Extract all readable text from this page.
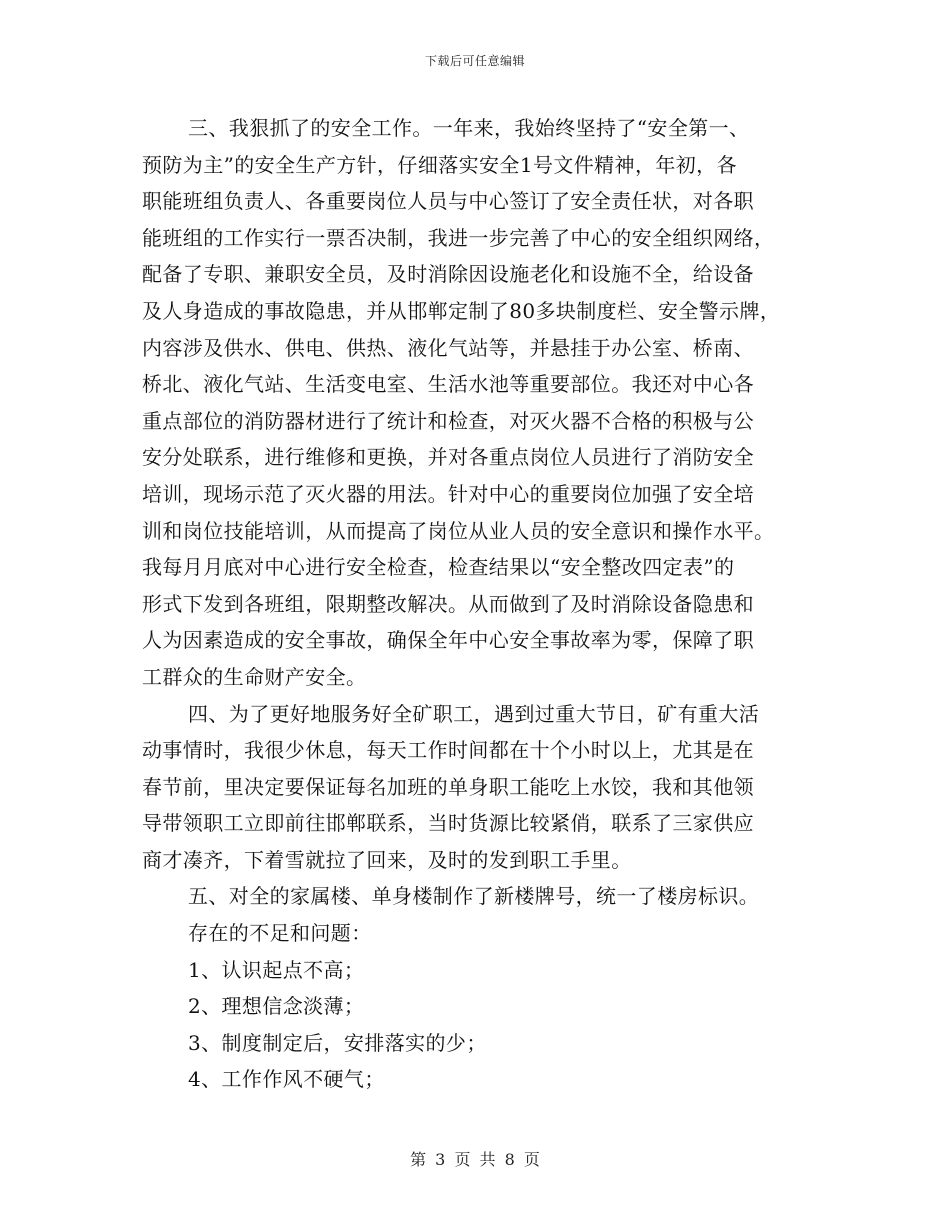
下载后可任意编辑
三、我狠抓了的安全工作。一年来，我始终坚持了“安全第一、
预防为主”的安全生产方针，仔细落实安全1号文件精神，年初，各
职能班组负责人、各重要岗位人员与中心签订了安全责任状，对各职
能班组的工作实行一票否决制，我进一步完善了中心的安全组织网络，
配备了专职、兼职安全员，及时消除因设施老化和设施不全，给设备
及人身造成的事故隐患，并从邯郸定制了80多块制度栏、安全警示牌，
内容涉及供水、供电、供热、液化气站等，并悬挂于办公室、桥南、
桥北、液化气站、生活变电室、生活水池等重要部位。我还对中心各
重点部位的消防器材进行了统计和检查，对灭火器不合格的积极与公
安分处联系，进行维修和更换，并对各重点岗位人员进行了消防安全
培训，现场示范了灭火器的用法。针对中心的重要岗位加强了安全培
训和岗位技能培训，从而提高了岗位从业人员的安全意识和操作水平。
我每月月底对中心进行安全检查，检查结果以“安全整改四定表”的
形式下发到各班组，限期整改解决。从而做到了及时消除设备隐患和
人为因素造成的安全事故，确保全年中心安全事故率为零，保障了职
工群众的生命财产安全。
四、为了更好地服务好全矿职工，遇到过重大节日，矿有重大活
动事情时，我很少休息，每天工作时间都在十个小时以上，尤其是在
春节前，里决定要保证每名加班的单身职工能吃上水饺，我和其他领
导带领职工立即前往邯郸联系，当时货源比较紧俏，联系了三家供应
商才凑齐，下着雪就拉了回来，及时的发到职工手里。
五、对全的家属楼、单身楼制作了新楼牌号，统一了楼房标识。
存在的不足和问题：
1、认识起点不高；
2、理想信念淡薄；
3、制度制定后，安排落实的少；
4、工作作风不硬气；
第 3 页 共 8 页
